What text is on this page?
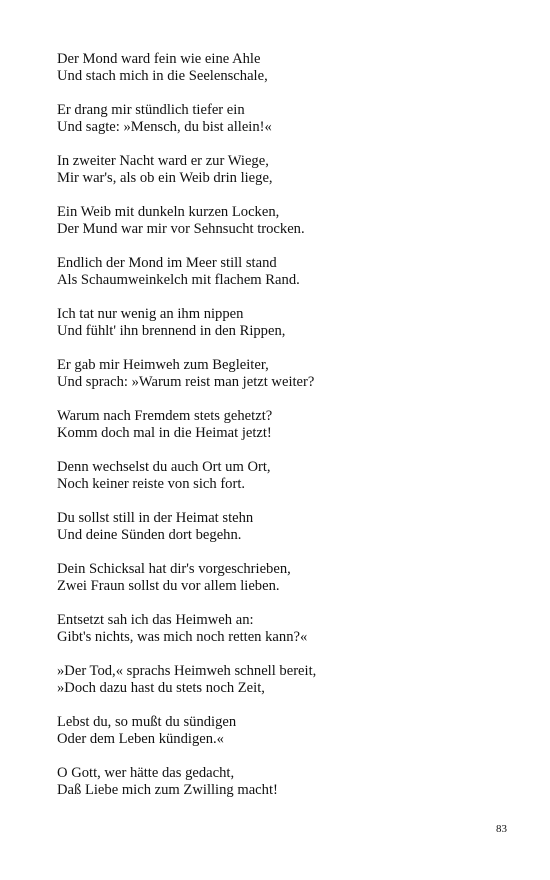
Der Mond ward fein wie eine Ahle
Und stach mich in die Seelenschale,
Er drang mir stündlich tiefer ein
Und sagte: »Mensch, du bist allein!«
In zweiter Nacht ward er zur Wiege,
Mir war's, als ob ein Weib drin liege,
Ein Weib mit dunkeln kurzen Locken,
Der Mund war mir vor Sehnsucht trocken.
Endlich der Mond im Meer still stand
Als Schaumweinkelch mit flachem Rand.
Ich tat nur wenig an ihm nippen
Und fühlt' ihn brennend in den Rippen,
Er gab mir Heimweh zum Begleiter,
Und sprach: »Warum reist man jetzt weiter?
Warum nach Fremdem stets gehetzt?
Komm doch mal in die Heimat jetzt!
Denn wechselst du auch Ort um Ort,
Noch keiner reiste von sich fort.
Du sollst still in der Heimat stehn
Und deine Sünden dort begehn.
Dein Schicksal hat dir's vorgeschrieben,
Zwei Fraun sollst du vor allem lieben.
Entsetzt sah ich das Heimweh an:
Gibt's nichts, was mich noch retten kann?«
»Der Tod,« sprachs Heimweh schnell bereit,
»Doch dazu hast du stets noch Zeit,
Lebst du, so mußt du sündigen
Oder dem Leben kündigen.«
O Gott, wer hätte das gedacht,
Daß Liebe mich zum Zwilling macht!
83
